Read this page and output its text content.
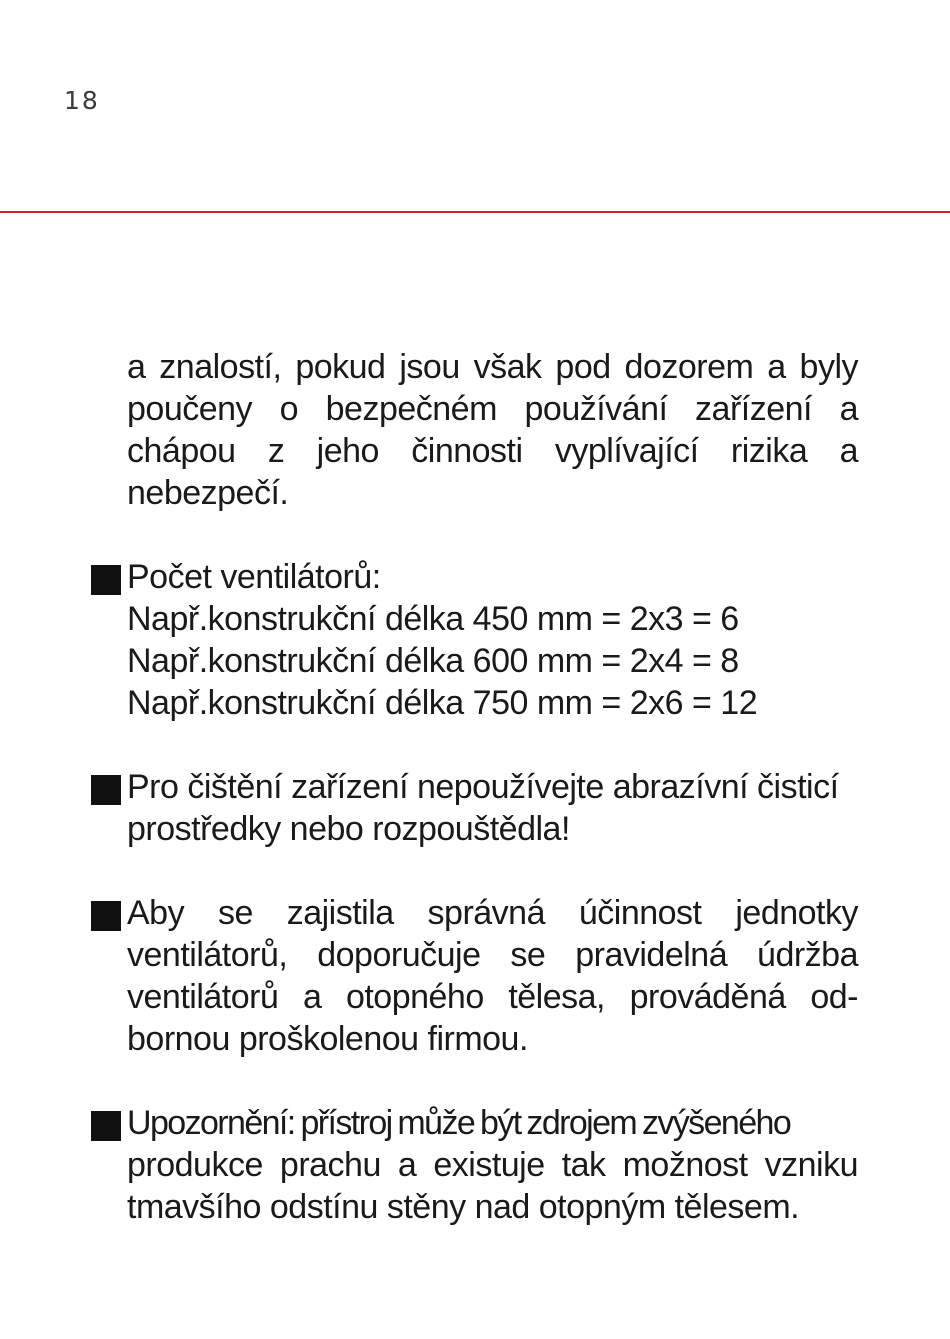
18
a znalostí, pokud jsou však pod dozorem a byly poučeny o bezpečném používání zařízení a chápou z jeho činnosti vyplívající rizika a nebezpečí.
Počet ventilátorů:
Např.konstrukční délka 450 mm = 2x3 = 6
Např.konstrukční délka 600 mm = 2x4 = 8
Např.konstrukční délka 750 mm = 2x6 = 12
Pro čištění zařízení nepoužívejte abrazívní čisticí prostředky nebo rozpouštědla!
Aby se zajistila správná účinnost jednotky ventilátorů, doporučuje se pravidelná údržba ventilátorů a otopného tělesa, prováděná od-bornou proškolenou firmou.
Upozornění: přístroj může být zdrojem zvýšeného
produkce prachu a existuje tak možnost vzniku tmavšího odstínu stěny nad otopným tělesem.
